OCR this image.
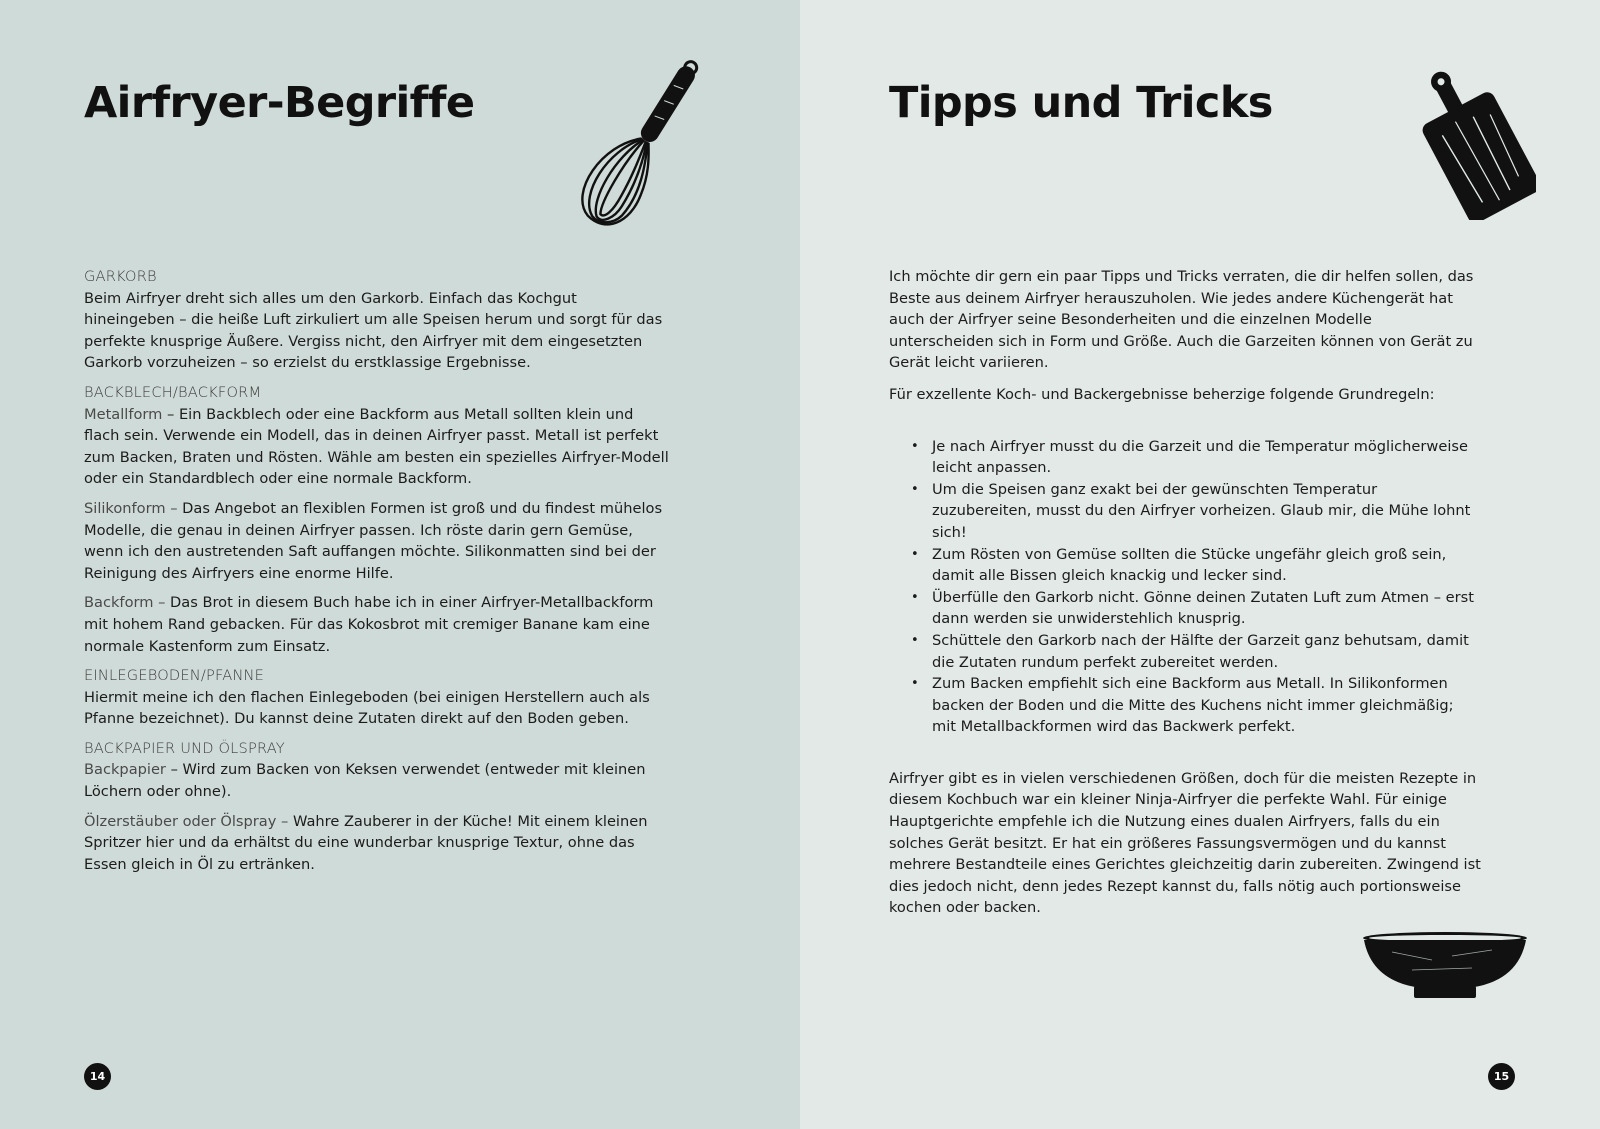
Airfryer-Begriffe
GARKORB

Beim Airfryer dreht sich alles um den Garkorb. Einfach das Kochgut hineingeben – die heiße Luft zirkuliert um alle Speisen herum und sorgt für das perfekte knusprige Äußere. Vergiss nicht, den Airfryer mit dem eingesetzten Garkorb vorzuheizen – so erzielst du erstklassige Ergebnisse.

BACKBLECH/BACKFORM

Metallform – Ein Backblech oder eine Backform aus Metall sollten klein und flach sein. Verwende ein Modell, das in deinen Airfryer passt. Metall ist perfekt zum Backen, Braten und Rösten. Wähle am besten ein spezielles Airfryer-Modell oder ein Standardblech oder eine normale Backform.

Silikonform – Das Angebot an flexiblen Formen ist groß und du findest mühelos Modelle, die genau in deinen Airfryer passen. Ich röste darin gern Gemüse, wenn ich den austretenden Saft auffangen möchte. Silikonmatten sind bei der Reinigung des Airfryers eine enorme Hilfe.

Backform – Das Brot in diesem Buch habe ich in einer Airfryer-Metallbackform mit hohem Rand gebacken. Für das Kokosbrot mit cremiger Banane kam eine normale Kastenform zum Einsatz.

EINLEGEBODEN/PFANNE

Hiermit meine ich den flachen Einlegeboden (bei einigen Herstellern auch als Pfanne bezeichnet). Du kannst deine Zutaten direkt auf den Boden geben.

BACKPAPIER UND ÖLSPRAY

Backpapier – Wird zum Backen von Keksen verwendet (entweder mit kleinen Löchern oder ohne).

Ölzerstäuber oder Ölspray – Wahre Zauberer in der Küche! Mit einem kleinen Spritzer hier und da erhältst du eine wunderbar knusprige Textur, ohne das Essen gleich in Öl zu ertränken.

14
Tipps und Tricks

Ich möchte dir gern ein paar Tipps und Tricks verraten, die dir helfen sollen, das Beste aus deinem Airfryer herauszuholen. Wie jedes andere Küchengerät hat auch der Airfryer seine Besonderheiten und die einzelnen Modelle unterscheiden sich in Form und Größe. Auch die Garzeiten können von Gerät zu Gerät leicht variieren.

Für exzellente Koch- und Backergebnisse beherzige folgende Grundregeln:

• Je nach Airfryer musst du die Garzeit und die Temperatur möglicherweise leicht anpassen.
• Um die Speisen ganz exakt bei der gewünschten Temperatur zuzubereiten, musst du den Airfryer vorheizen. Glaub mir, die Mühe lohnt sich!
• Zum Rösten von Gemüse sollten die Stücke ungefähr gleich groß sein, damit alle Bissen gleich knackig und lecker sind.
• Überfülle den Garkorb nicht. Gönne deinen Zutaten Luft zum Atmen – erst dann werden sie unwiderstehlich knusprig.
• Schüttele den Garkorb nach der Hälfte der Garzeit ganz behutsam, damit die Zutaten rundum perfekt zubereitet werden.
• Zum Backen empfiehlt sich eine Backform aus Metall. In Silikonformen backen der Boden und die Mitte des Kuchens nicht immer gleichmäßig; mit Metallbackformen wird das Backwerk perfekt.

Airfryer gibt es in vielen verschiedenen Größen, doch für die meisten Rezepte in diesem Kochbuch war ein kleiner Ninja-Airfryer die perfekte Wahl. Für einige Hauptgerichte empfehle ich die Nutzung eines dualen Airfryers, falls du ein solches Gerät besitzt. Er hat ein größeres Fassungsvermögen und du kannst mehrere Bestandteile eines Gerichtes gleichzeitig darin zubereiten. Zwingend ist dies jedoch nicht, denn jedes Rezept kannst du, falls nötig auch portionsweise kochen oder backen.

15
